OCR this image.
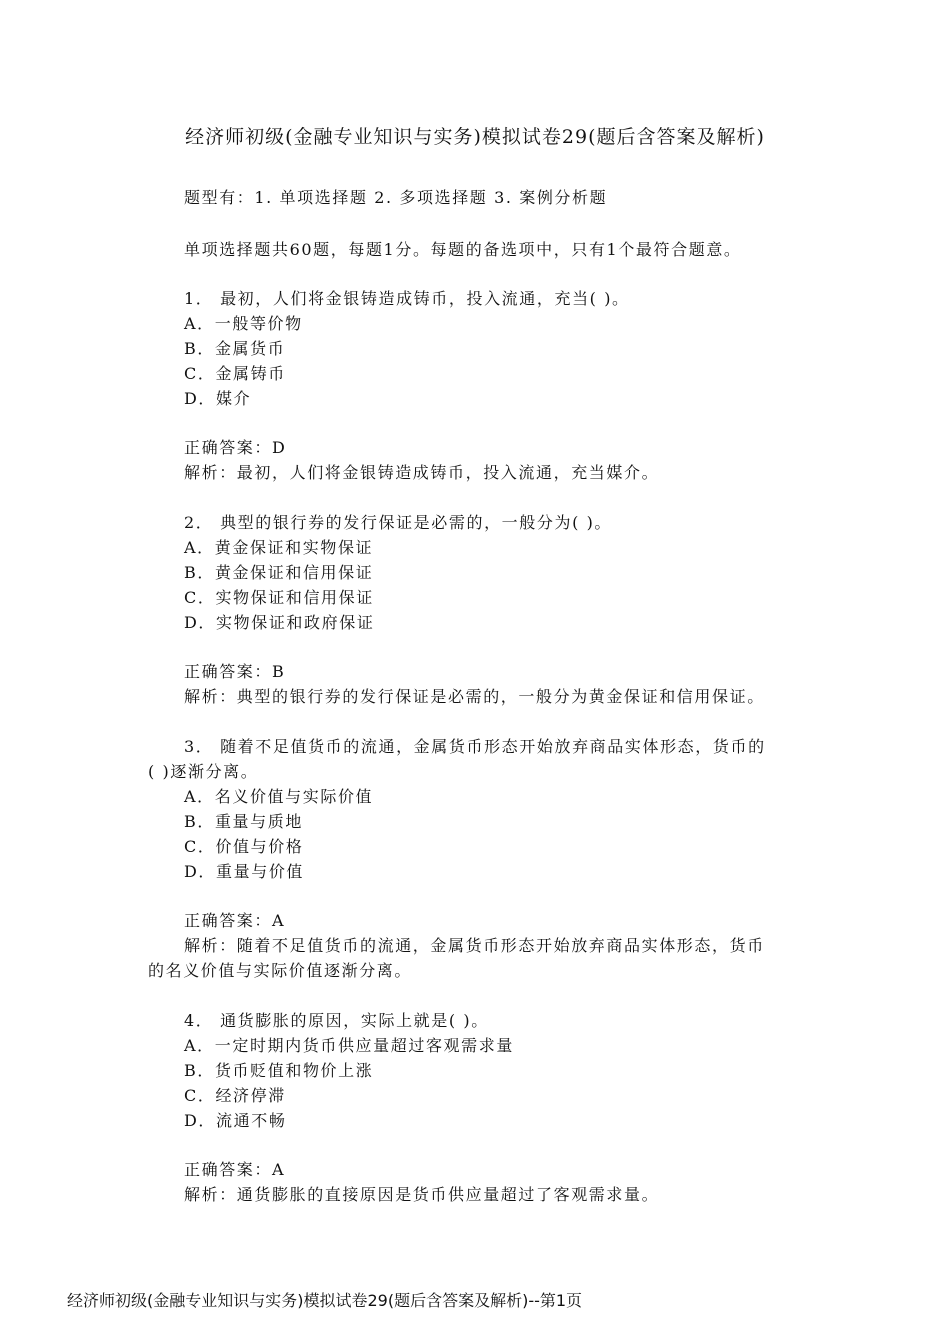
经济师初级(金融专业知识与实务)模拟试卷29(题后含答案及解析)
题型有：1. 单项选择题 2. 多项选择题 3. 案例分析题
单项选择题共60题，每题1分。每题的备选项中，只有1个最符合题意。
1． 最初，人们将金银铸造成铸币，投入流通，充当( )。
A．一般等价物
B．金属货币
C．金属铸币
D．媒介
正确答案：D
解析：最初，人们将金银铸造成铸币，投入流通，充当媒介。
2． 典型的银行券的发行保证是必需的，一般分为( )。
A．黄金保证和实物保证
B．黄金保证和信用保证
C．实物保证和信用保证
D．实物保证和政府保证
正确答案：B
解析：典型的银行券的发行保证是必需的，一般分为黄金保证和信用保证。
3． 随着不足值货币的流通，金属货币形态开始放弃商品实体形态，货币的
( )逐渐分离。
A．名义价值与实际价值
B．重量与质地
C．价值与价格
D．重量与价值
正确答案：A
解析：随着不足值货币的流通，金属货币形态开始放弃商品实体形态，货币
的名义价值与实际价值逐渐分离。
4． 通货膨胀的原因，实际上就是( )。
A．一定时期内货币供应量超过客观需求量
B．货币贬值和物价上涨
C．经济停滞
D．流通不畅
正确答案：A
解析：通货膨胀的直接原因是货币供应量超过了客观需求量。
经济师初级(金融专业知识与实务)模拟试卷29(题后含答案及解析)--第1页
